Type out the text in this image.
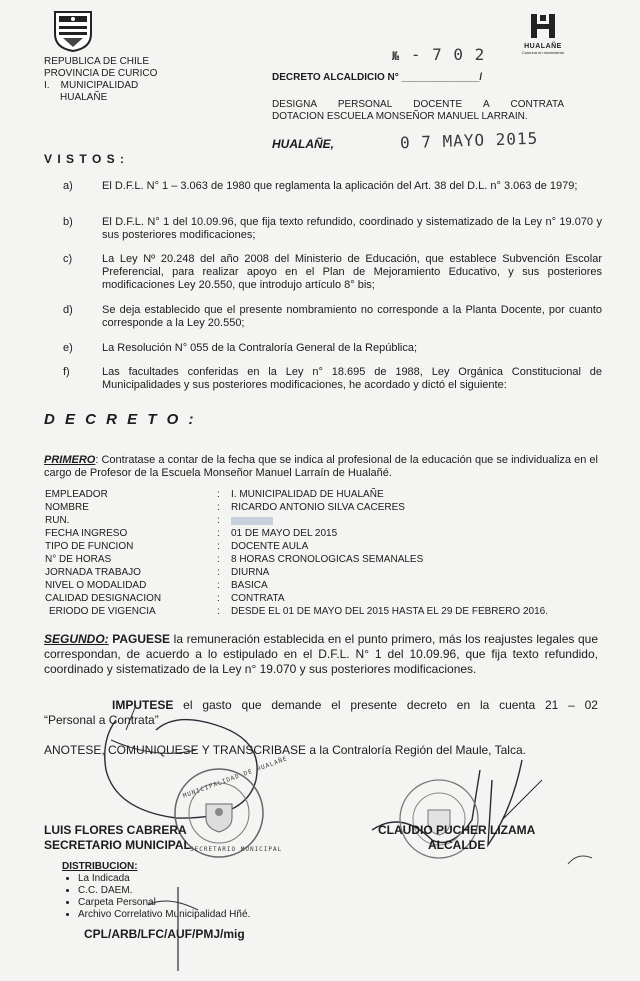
REPUBLICA DE CHILE
PROVINCIA DE CURICO
I.    MUNICIPALIDAD
HUALAÑE
HUALAÑE
Comuna en movimiento
№ - 7 0 2
DECRETO ALCALDICIO N° ______________/
DESIGNA PERSONAL DOCENTE A CONTRATA
DOTACION ESCUELA MONSEÑOR MANUEL LARRAIN.
HUALAÑE,	0 7 MAYO 2015
V I S T O S :
a)	El D.F.L. N° 1 – 3.063 de 1980 que reglamenta la aplicación del Art. 38 del D.L. n° 3.063 de 1979;
b)	El D.F.L. N° 1 del 10.09.96, que fija texto refundido, coordinado y sistematizado de la Ley n° 19.070 y sus posteriores modificaciones;
c)	La Ley Nº 20.248 del año 2008 del Ministerio de Educación, que establece Subvención Escolar Preferencial, para realizar apoyo en el Plan de Mejoramiento Educativo, y sus posteriores modificaciones Ley 20.550, que introdujo artículo 8° bis;
d)	Se deja establecido que el presente nombramiento no corresponde a la Planta Docente, por cuanto corresponde a la Ley 20.550;
e)	La Resolución N° 055 de la Contraloría General de la República;
f)	Las facultades conferidas en la Ley n° 18.695 de 1988, Ley Orgánica Constitucional de Municipalidades y sus posteriores modificaciones, he acordado y dictó el siguiente:
D E C R E T O :
PRIMERO: Contratase a contar de la fecha que se indica al profesional de la educación que se individualiza en el cargo de Profesor de la Escuela Monseñor Manuel Larraín de Hualañé.
EMPLEADOR	: I. MUNICIPALIDAD DE HUALAÑE
NOMBRE	: RICARDO ANTONIO SILVA CACERES
RUN.	:
FECHA INGRESO	: 01 DE MAYO DEL 2015
TIPO DE FUNCION	: DOCENTE AULA
N° DE HORAS	: 8 HORAS CRONOLOGICAS SEMANALES
JORNADA TRABAJO	: DIURNA
NIVEL O MODALIDAD	: BASICA
CALIDAD DESIGNACION	: CONTRATA
ERIODO DE VIGENCIA	: DESDE EL 01 DE MAYO DEL 2015 HASTA EL 29 DE FEBRERO 2016.
SEGUNDO: PAGUESE la remuneración establecida en el punto primero, más los reajustes legales que correspondan, de acuerdo a lo estipulado en el D.F.L. N° 1 del 10.09.96, que fija texto refundido, coordinado y sistematizado de la Ley n° 19.070 y sus posteriores modificaciones.
IMPUTESE el gasto que demande el presente decreto en la cuenta 21 – 02
“Personal a Contrata”
ANOTESE, COMUNIQUESE Y TRANSCRIBASE a la Contraloría Región del Maule, Talca.
MUNICIPALIDAD DE HUALAÑE
SECRETARIO MUNICIPAL
LUIS FLORES CABRERA
SECRETARIO MUNICIPAL
CLAUDIO PUCHER LIZAMA
ALCALDE
DISTRIBUCION:
• La Indicada
• C.C. DAEM.
• Carpeta Personal
• Archivo Correlativo Municipalidad Hñé.
CPL/ARB/LFC/AUF/PMJ/mig
